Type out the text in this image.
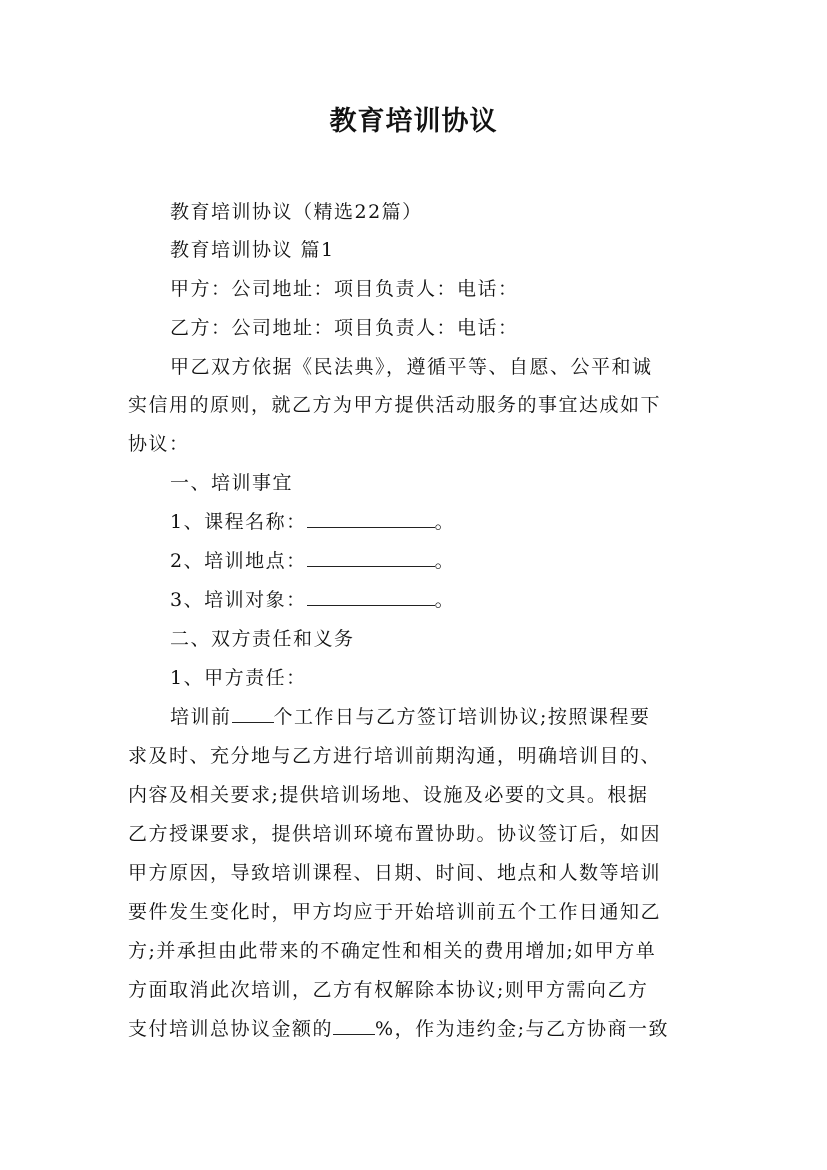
教育培训协议
教育培训协议（精选22篇）
教育培训协议 篇1
甲方：公司地址：项目负责人：电话：
乙方：公司地址：项目负责人：电话：
甲乙双方依据《民法典》，遵循平等、自愿、公平和诚
实信用的原则，就乙方为甲方提供活动服务的事宜达成如下
协议：
一、培训事宜
1、课程名称：	。
2、培训地点：	。
3、培训对象：	。
二、双方责任和义务
1、甲方责任：
培训前 个工作日与乙方签订培训协议;按照课程要
求及时、充分地与乙方进行培训前期沟通，明确培训目的、
内容及相关要求;提供培训场地、设施及必要的文具。根据
乙方授课要求，提供培训环境布置协助。协议签订后，如因
甲方原因，导致培训课程、日期、时间、地点和人数等培训
要件发生变化时，甲方均应于开始培训前五个工作日通知乙
方;并承担由此带来的不确定性和相关的费用增加;如甲方单
方面取消此次培训，乙方有权解除本协议;则甲方需向乙方
支付培训总协议金额的 %，作为违约金;与乙方协商一致
